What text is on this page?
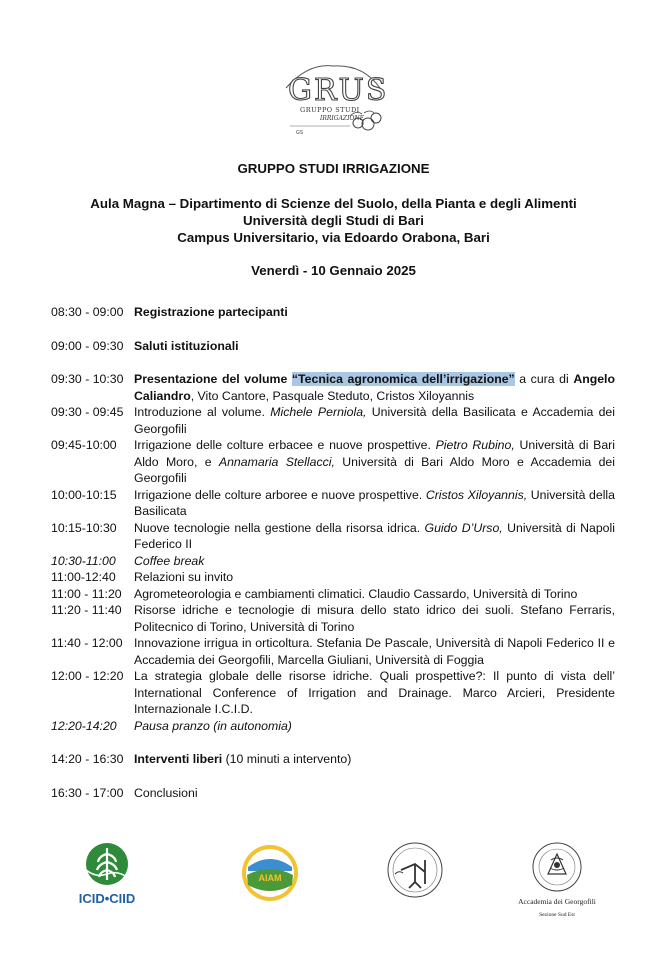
GRUS
GRUPPO STUDI
IRRIGAZIONE
GS
GRUPPO STUDI IRRIGAZIONE
Aula Magna – Dipartimento di Scienze del Suolo, della Pianta e degli Alimenti
Università degli Studi di Bari
Campus Universitario, via Edoardo Orabona, Bari
Venerdì - 10 Gennaio 2025
08:30 - 09:00 Registrazione partecipanti
09:00 - 09:30 Saluti istituzionali
09:30 - 10:30 Presentazione del volume “Tecnica agronomica dell’irrigazione” a cura di Angelo Caliandro, Vito Cantore, Pasquale Steduto, Cristos Xiloyannis
09:30 - 09:45 Introduzione al volume. Michele Perniola, Università della Basilicata e Accademia dei Georgofili
09:45-10:00 Irrigazione delle colture erbacee e nuove prospettive. Pietro Rubino, Università di Bari Aldo Moro, e Annamaria Stellacci, Università di Bari Aldo Moro e Accademia dei Georgofili
10:00-10:15 Irrigazione delle colture arboree e nuove prospettive. Cristos Xiloyannis, Università della Basilicata
10:15-10:30 Nuove tecnologie nella gestione della risorsa idrica. Guido D’Urso, Università di Napoli Federico II
10:30-11:00 Coffee break
11:00-12:40 Relazioni su invito
11:00 - 11:20 Agrometeorologia e cambiamenti climatici. Claudio Cassardo, Università di Torino
11:20 - 11:40 Risorse idriche e tecnologie di misura dello stato idrico dei suoli. Stefano Ferraris, Politecnico di Torino, Università di Torino
11:40 - 12:00 Innovazione irrigua in orticoltura. Stefania De Pascale, Università di Napoli Federico II e Accademia dei Georgofili, Marcella Giuliani, Università di Foggia
12:00 - 12:20 La strategia globale delle risorse idriche. Quali prospettive?: Il punto di vista dell’ International Conference of Irrigation and Drainage. Marco Arcieri, Presidente Internazionale I.C.I.D.
12:20-14:20 Pausa pranzo (in autonomia)
14:20 - 16:30 Interventi liberi (10 minuti a intervento)
16:30 - 17:00 Conclusioni
ICID•CIID
AIAM
Accademia dei Georgofili
Sezione Sud Est
